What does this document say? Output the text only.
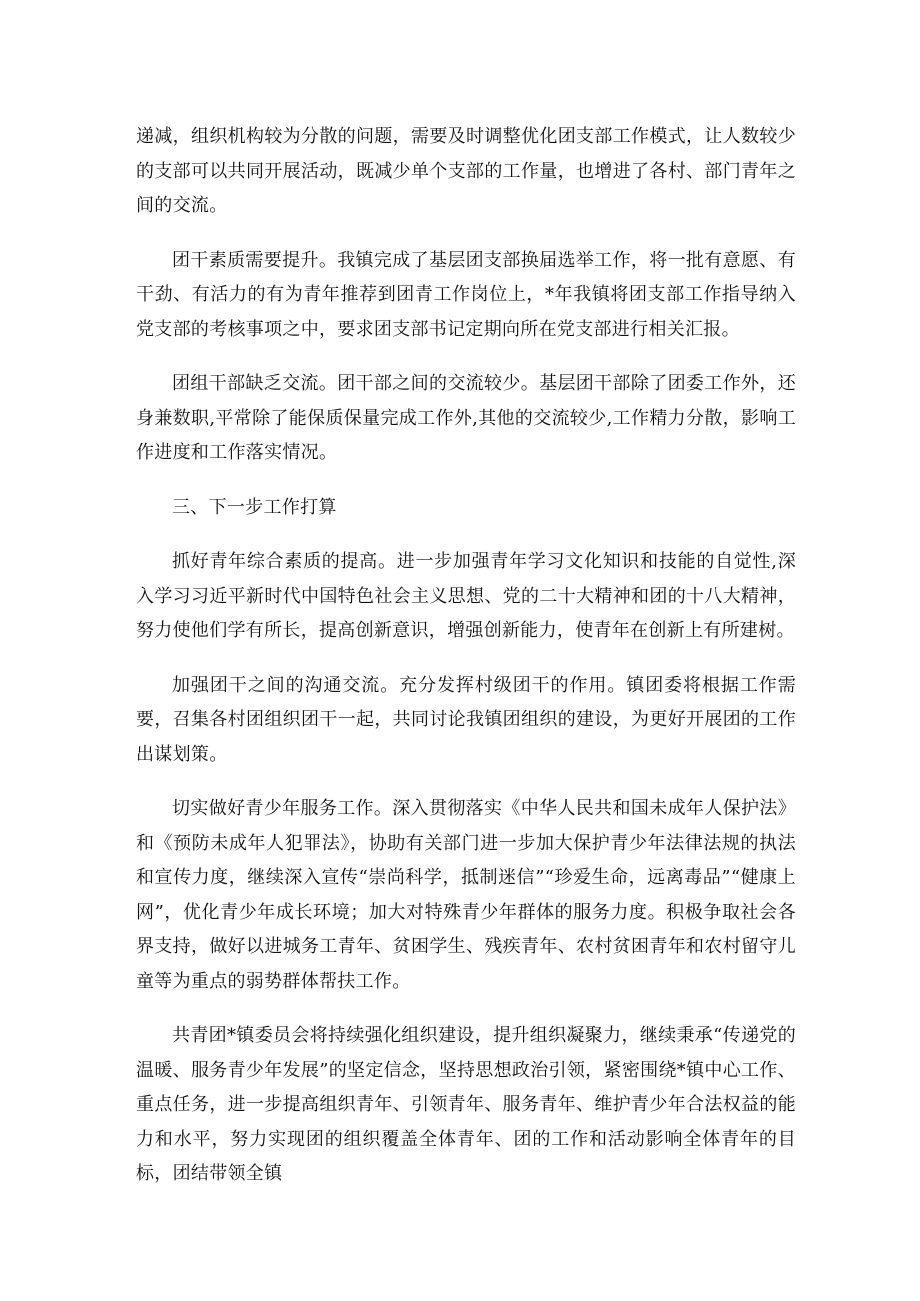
递减，组织机构较为分散的问题，需要及时调整优化团支部工作模式，让人数较少的支部可以共同开展活动，既减少单个支部的工作量，也增进了各村、部门青年之间的交流。

团干素质需要提升。我镇完成了基层团支部换届选举工作，将一批有意愿、有干劲、有活力的有为青年推荐到团青工作岗位上，*年我镇将团支部工作指导纳入党支部的考核事项之中，要求团支部书记定期向所在党支部进行相关汇报。

团组干部缺乏交流。团干部之间的交流较少。基层团干部除了团委工作外，还身兼数职,平常除了能保质保量完成工作外,其他的交流较少,工作精力分散，影响工作进度和工作落实情况。

三、下一步工作打算

抓好青年综合素质的提高。进一步加强青年学习文化知识和技能的自觉性,深入学习习近平新时代中国特色社会主义思想、党的二十大精神和团的十八大精神，努力使他们学有所长，提高创新意识，增强创新能力，使青年在创新上有所建树。

加强团干之间的沟通交流。充分发挥村级团干的作用。镇团委将根据工作需要，召集各村团组织团干一起，共同讨论我镇团组织的建设，为更好开展团的工作出谋划策。

切实做好青少年服务工作。深入贯彻落实《中华人民共和国未成年人保护法》和《预防未成年人犯罪法》，协助有关部门进一步加大保护青少年法律法规的执法和宣传力度，继续深入宣传“崇尚科学，抵制迷信”“珍爱生命，远离毒品”“健康上网”，优化青少年成长环境；加大对特殊青少年群体的服务力度。积极争取社会各界支持，做好以进城务工青年、贫困学生、残疾青年、农村贫困青年和农村留守儿童等为重点的弱势群体帮扶工作。

共青团*镇委员会将持续强化组织建设，提升组织凝聚力，继续秉承“传递党的温暖、服务青少年发展”的坚定信念，坚持思想政治引领，紧密围绕*镇中心工作、重点任务，进一步提高组织青年、引领青年、服务青年、维护青少年合法权益的能力和水平，努力实现团的组织覆盖全体青年、团的工作和活动影响全体青年的目标，团结带领全镇
